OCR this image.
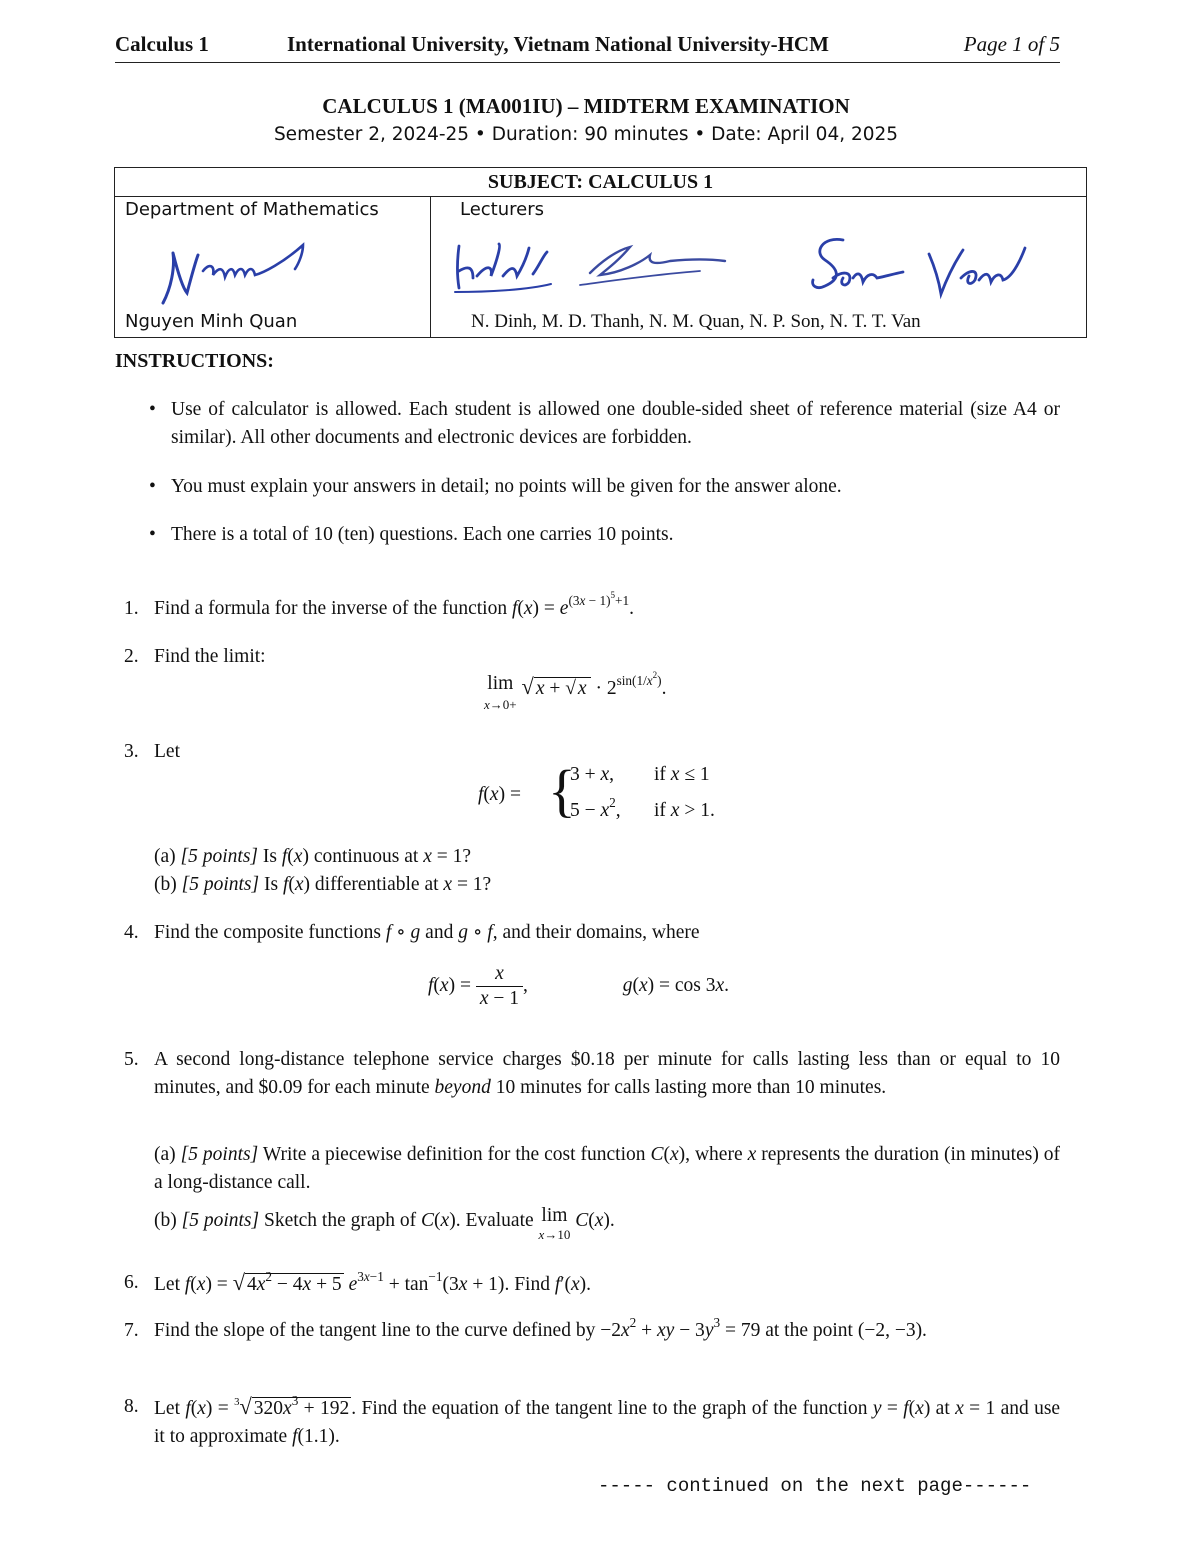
Calculus 1	International University, Vietnam National University-HCM	Page 1 of 5
CALCULUS 1 (MA001IU) – MIDTERM EXAMINATION
Semester 2, 2024-25 • Duration: 90 minutes • Date: April 04, 2025
SUBJECT: CALCULUS 1
Department of Mathematics	Lecturers
Nguyen Minh Quan	N. Dinh, M. D. Thanh, N. M. Quan, N. P. Son, N. T. T. Van
INSTRUCTIONS:
• Use of calculator is allowed. Each student is allowed one double-sided sheet of reference material (size A4 or similar). All other documents and electronic devices are forbidden.
• You must explain your answers in detail; no points will be given for the answer alone.
• There is a total of 10 (ten) questions. Each one carries 10 points.
1. Find a formula for the inverse of the function $f(x) = e^{(3x - 1)^5+1}$.
2. Find the limit:
lim
x→0+ √ x + √ $x \cdot 2^{sin(1/x^2)}$.
3. Let
f(x) = {
3 + x, if x ≤ 1
$5 - x^2$, if x > 1.
(a) [5 points] Is f(x) continuous at x = 1?
(b) [5 points] Is f(x) differentiable at x = 1?
4. Find the composite functions f ∘ g and g ∘ f, and their domains, where
$f(x) = \frac{x}{x - 1}$ ,	g(x) = cos 3x.
5. A second long-distance telephone service charges $0.18 per minute for calls lasting less than or equal to 10 minutes, and $0.09 for each minute beyond 10 minutes for calls lasting more than 10 minutes.
(a) [5 points] Write a piecewise definition for the cost function C(x), where x represents the duration (in minutes) of a long-distance call.
(b) [5 points] Sketch the graph of C(x). Evaluate lim
x→10 C(x).
6. Let f(x) = √ $4x^2 - 4x + 5$ $e^{3x-1} + \tan^{-1}(3x + 1)$. Find f′(x).
7. Find the slope of the tangent line to the curve defined by $-2x^2$ + xy − $3y^3 = 79$ at the point (−2, −3).
8. Let f(x) = $^3$√ $320x^3 + 192$ . Find the equation of the tangent line to the graph of the function y = f(x) at x = 1 and use it to approximate f(1.1).
----- continued on the next page------
